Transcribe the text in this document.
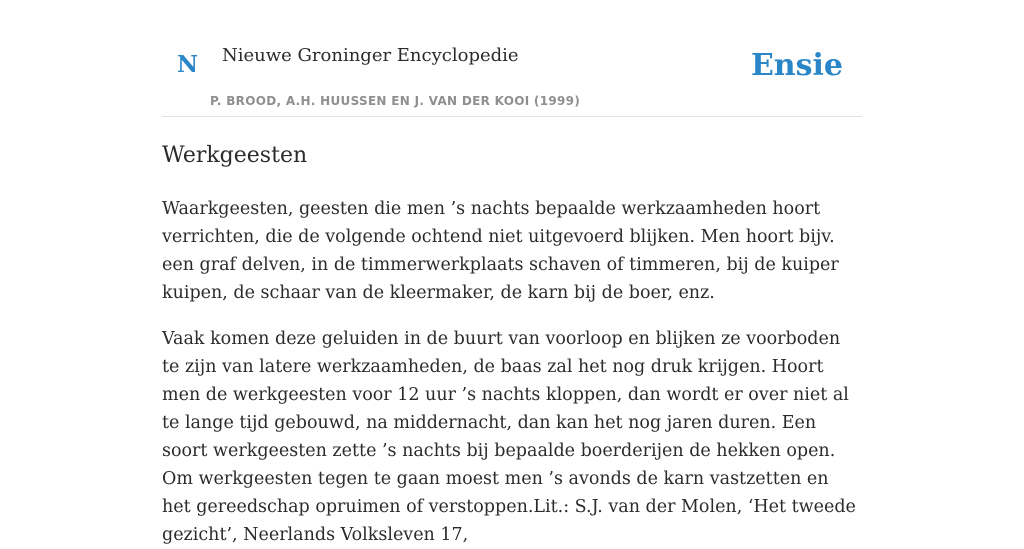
N Nieuwe Groninger Encyclopedie
P. BROOD, A.H. HUUSSEN EN J. VAN DER KOOI (1999)
Ensie
Werkgeesten

Waarkgeesten, geesten die men ’s nachts bepaalde werkzaamheden hoort verrichten, die de volgende ochtend niet uitgevoerd blijken. Men hoort bijv. een graf delven, in de timmerwerkplaats schaven of timmeren, bij de kuiper kuipen, de schaar van de kleermaker, de karn bij de boer, enz.

Vaak komen deze geluiden in de buurt van voorloop en blijken ze voorboden te zijn van latere werkzaamheden, de baas zal het nog druk krijgen. Hoort men de werkgeesten voor 12 uur ’s nachts kloppen, dan wordt er over niet al te lange tijd gebouwd, na middernacht, dan kan het nog jaren duren. Een soort werkgeesten zette ’s nachts bij bepaalde boerderijen de hekken open. Om werkgeesten tegen te gaan moest men ’s avonds de karn vastzetten en het gereedschap opruimen of verstoppen.Lit.: S.J. van der Molen, ‘Het tweede gezicht’, Neerlands Volksleven 17,
